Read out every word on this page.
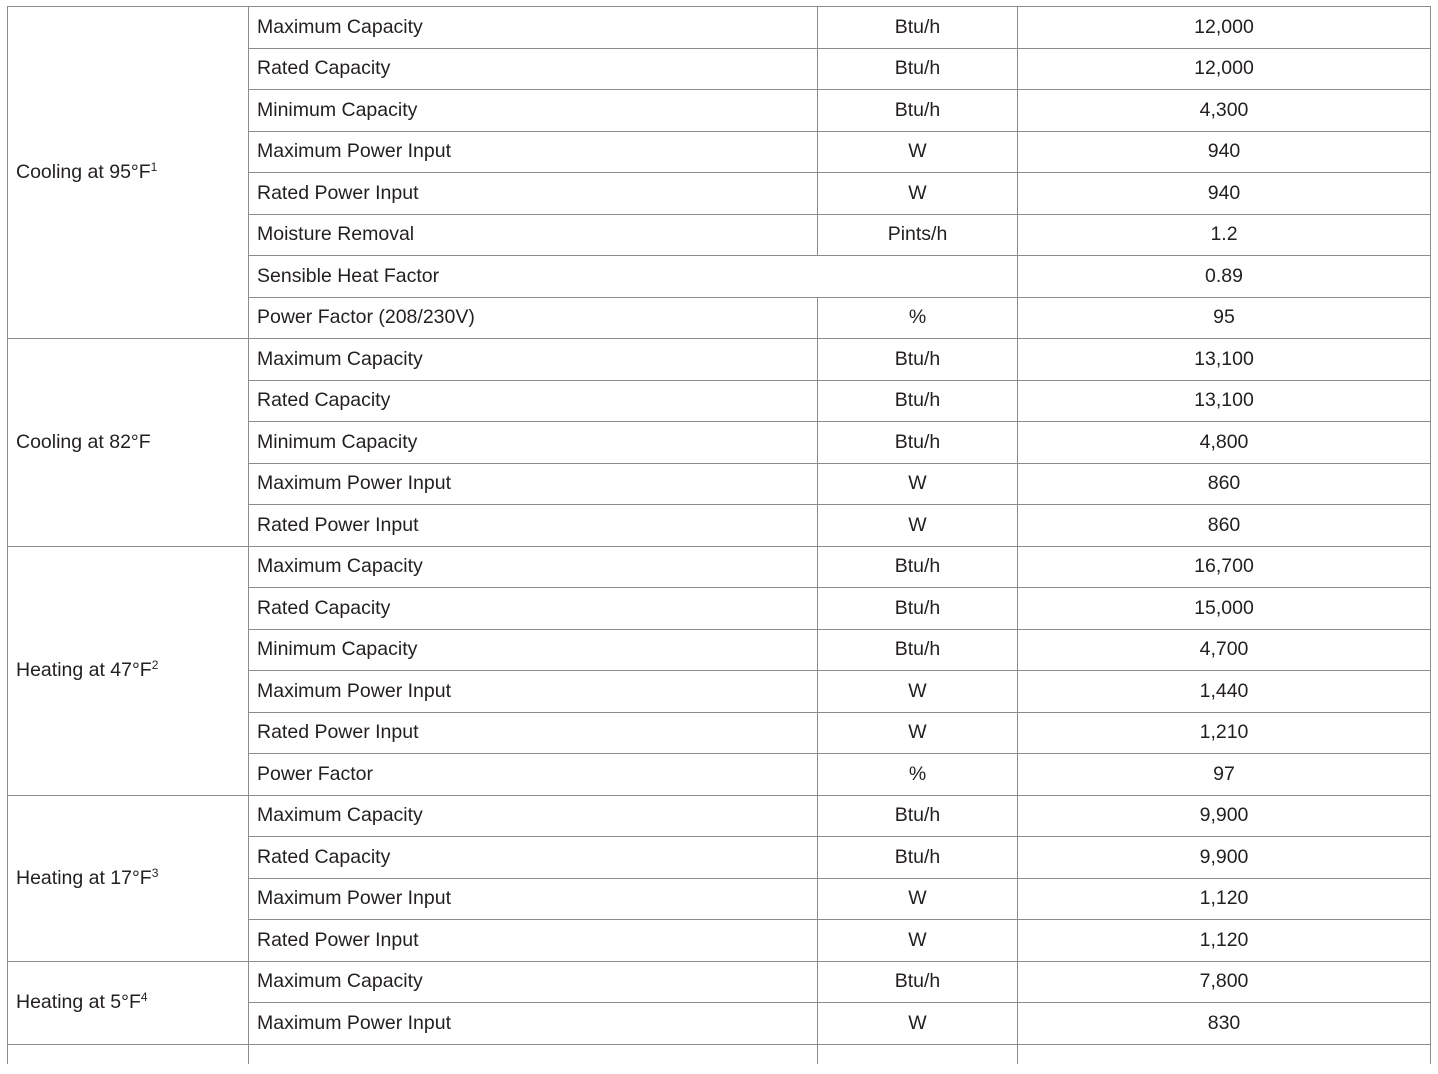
Cooling at $95^\circ F^1$	Maximum Capacity	Btu/h	12,000
	Rated Capacity	Btu/h	12,000
	Minimum Capacity	Btu/h	4,300
	Maximum Power Input	W	940
	Rated Power Input	W	940
	Moisture Removal	Pints/h	1.2
	Sensible Heat Factor		0.89
	Power Factor (208/230V)	%	95
Cooling at 82°F	Maximum Capacity	Btu/h	13,100
	Rated Capacity	Btu/h	13,100
	Minimum Capacity	Btu/h	4,800
	Maximum Power Input	W	860
	Rated Power Input	W	860
Heating at $47^\circ F^2$	Maximum Capacity	Btu/h	16,700
	Rated Capacity	Btu/h	15,000
	Minimum Capacity	Btu/h	4,700
	Maximum Power Input	W	1,440
	Rated Power Input	W	1,210
	Power Factor	%	97
Heating at $17^\circ F^3$	Maximum Capacity	Btu/h	9,900
	Rated Capacity	Btu/h	9,900
	Maximum Power Input	W	1,120
	Rated Power Input	W	1,120
Heating at $5^\circ F^4$	Maximum Capacity	Btu/h	7,800
	Maximum Power Input	W	830
